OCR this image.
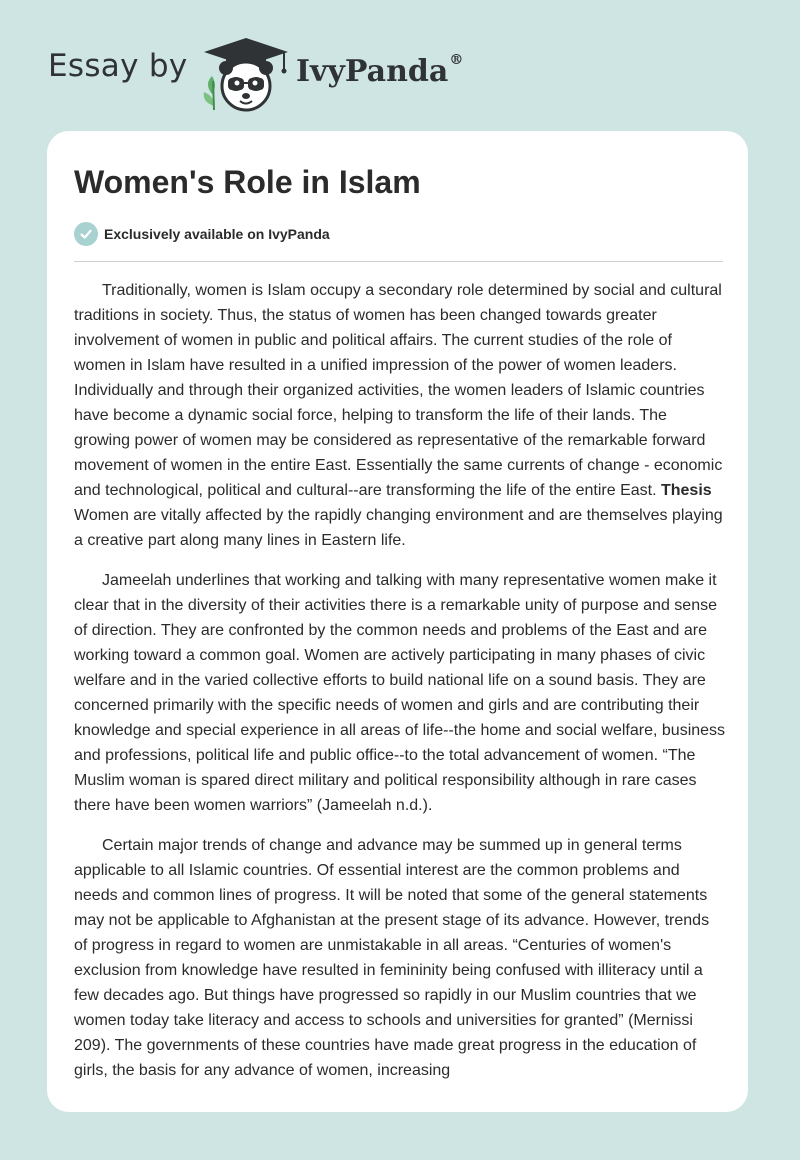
Essay by	IvyPanda®
Women's Role in Islam
Exclusively available on IvyPanda

Traditionally, women is Islam occupy a secondary role determined by social and cultural traditions in society. Thus, the status of women has been changed towards greater involvement of women in public and political affairs. The current studies of the role of women in Islam have resulted in a unified impression of the power of women leaders. Individually and through their organized activities, the women leaders of Islamic countries have become a dynamic social force, helping to transform the life of their lands. The growing power of women may be considered as representative of the remarkable forward movement of women in the entire East. Essentially the same currents of change - economic and technological, political and cultural--are transforming the life of the entire East. Thesis Women are vitally affected by the rapidly changing environment and are themselves playing a creative part along many lines in Eastern life.

Jameelah underlines that working and talking with many representative women make it clear that in the diversity of their activities there is a remarkable unity of purpose and sense of direction. They are confronted by the common needs and problems of the East and are working toward a common goal. Women are actively participating in many phases of civic welfare and in the varied collective efforts to build national life on a sound basis. They are concerned primarily with the specific needs of women and girls and are contributing their knowledge and special experience in all areas of life--the home and social welfare, business and professions, political life and public office--to the total advancement of women. “The Muslim woman is spared direct military and political responsibility although in rare cases there have been women warriors” (Jameelah n.d.).

Certain major trends of change and advance may be summed up in general terms applicable to all Islamic countries. Of essential interest are the common problems and needs and common lines of progress. It will be noted that some of the general statements may not be applicable to Afghanistan at the present stage of its advance. However, trends of progress in regard to women are unmistakable in all areas. “Centuries of women's exclusion from knowledge have resulted in femininity being confused with illiteracy until a few decades ago. But things have progressed so rapidly in our Muslim countries that we women today take literacy and access to schools and universities for granted” (Mernissi 209). The governments of these countries have made great progress in the education of girls, the basis for any advance of women, increasing
